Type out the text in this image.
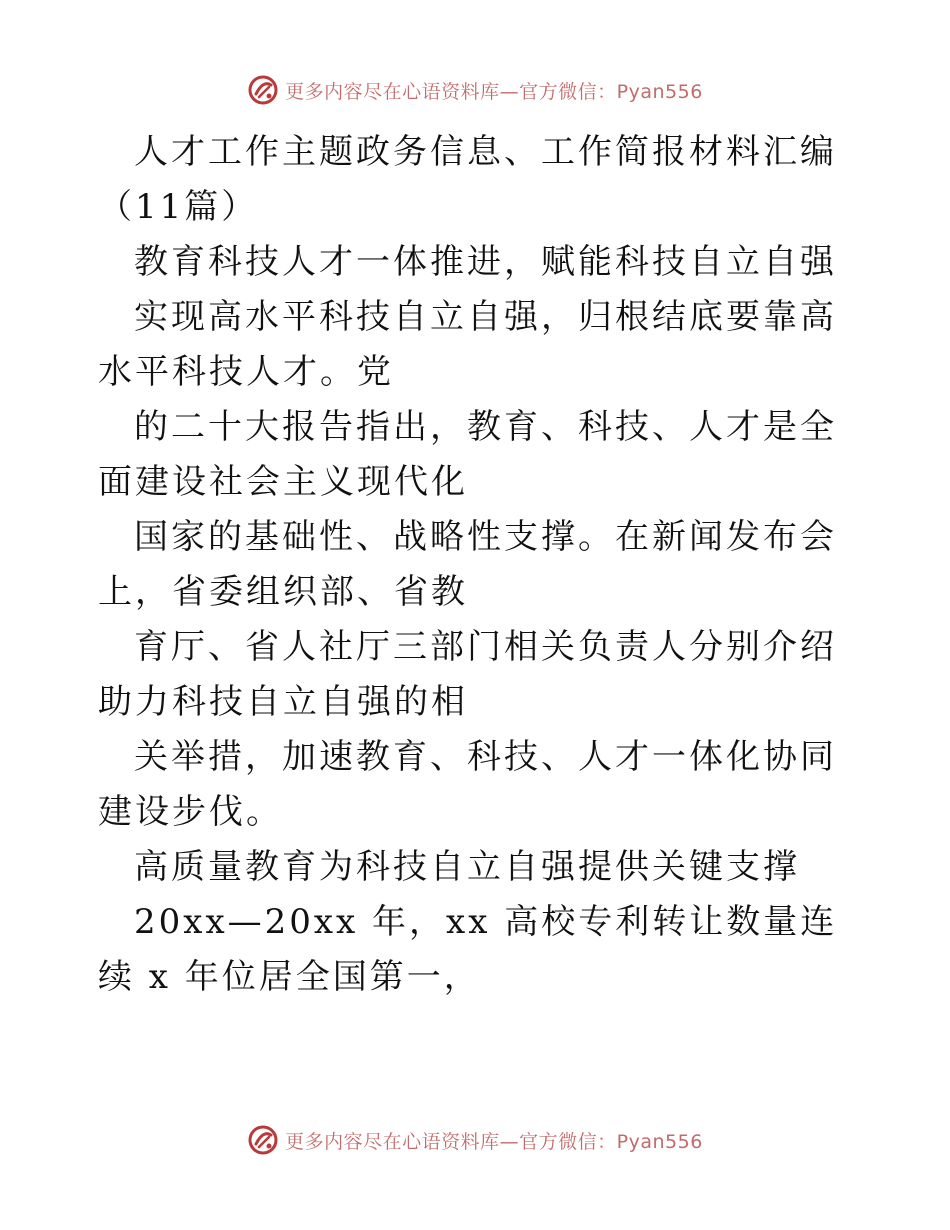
更多内容尽在心语资料库—官方微信：Pyan556

人才工作主题政务信息、工作简报材料汇编（11篇）

教育科技人才一体推进，赋能科技自立自强

实现高水平科技自立自强，归根结底要靠高水平科技人才。党

的二十大报告指出，教育、科技、人才是全面建设社会主义现代化

国家的基础性、战略性支撑。在新闻发布会上，省委组织部、省教

育厅、省人社厅三部门相关负责人分别介绍助力科技自立自强的相

关举措，加速教育、科技、人才一体化协同建设步伐。

高质量教育为科技自立自强提供关键支撑

20xx—20xx 年，xx 高校专利转让数量连续 x 年位居全国第一，

更多内容尽在心语资料库—官方微信：Pyan556
